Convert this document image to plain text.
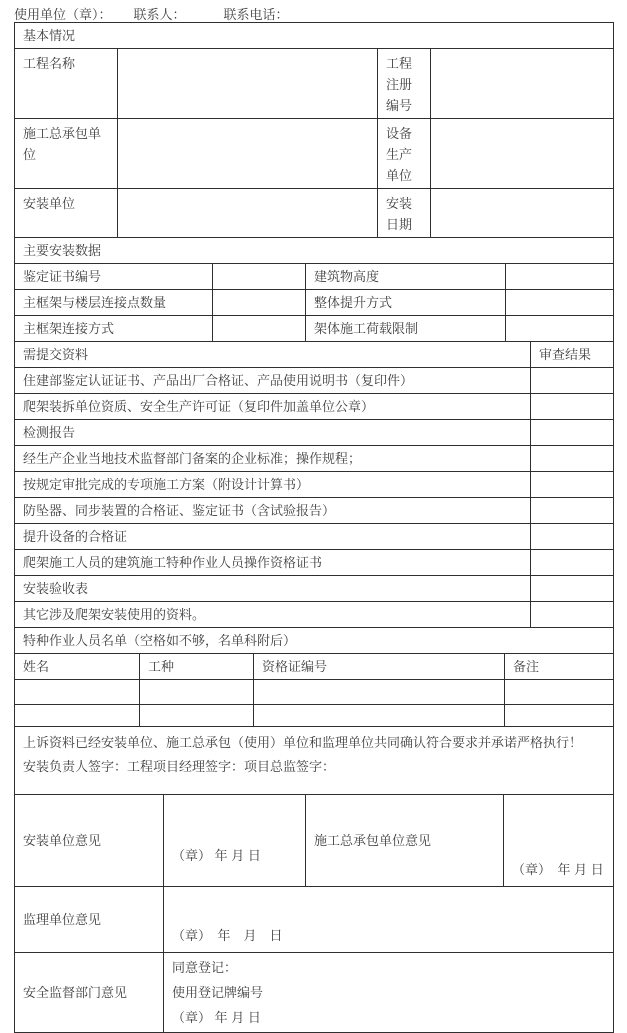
使用单位（章）： 联系人：	联系电话：
基本情况			
工程名称		工程注册编号	
施工总承包单位		设备生产单位	
安装单位		安装日期	
主要安装数据			
鉴定证书编号		建筑物高度	
主框架与楼层连接点数量		整体提升方式	
主框架连接方式		架体施工荷载限制	
需提交资料	审查结果
住建部鉴定认证证书、产品出厂合格证、产品使用说明书（复印件）	
爬架装拆单位资质、安全生产许可证（复印件加盖单位公章）	
检测报告	
经生产企业当地技术监督部门备案的企业标准；操作规程；	
按规定审批完成的专项施工方案（附设计计算书）	
防坠器、同步装置的合格证、鉴定证书（含试验报告）	
提升设备的合格证	
爬架施工人员的建筑施工特种作业人员操作资格证书	
安装验收表	
其它涉及爬架安装使用的资料。	
特种作业人员名单（空格如不够，名单科附后）			
姓名	工种	资格证编号	备注

上诉资料已经安装单位、施工总承包（使用）单位和监理单位共同确认符合要求并承诺严格执行！
安装负责人签字：工程项目经理签字：项目总监签字：
安装单位意见	（章） 年 月 日	施工总承包单位意见	（章）　年 月 日
监理单位意见	（章）　年　月　日
安全监督部门意见	同意登记：
使用登记牌编号
（章） 年 月 日
